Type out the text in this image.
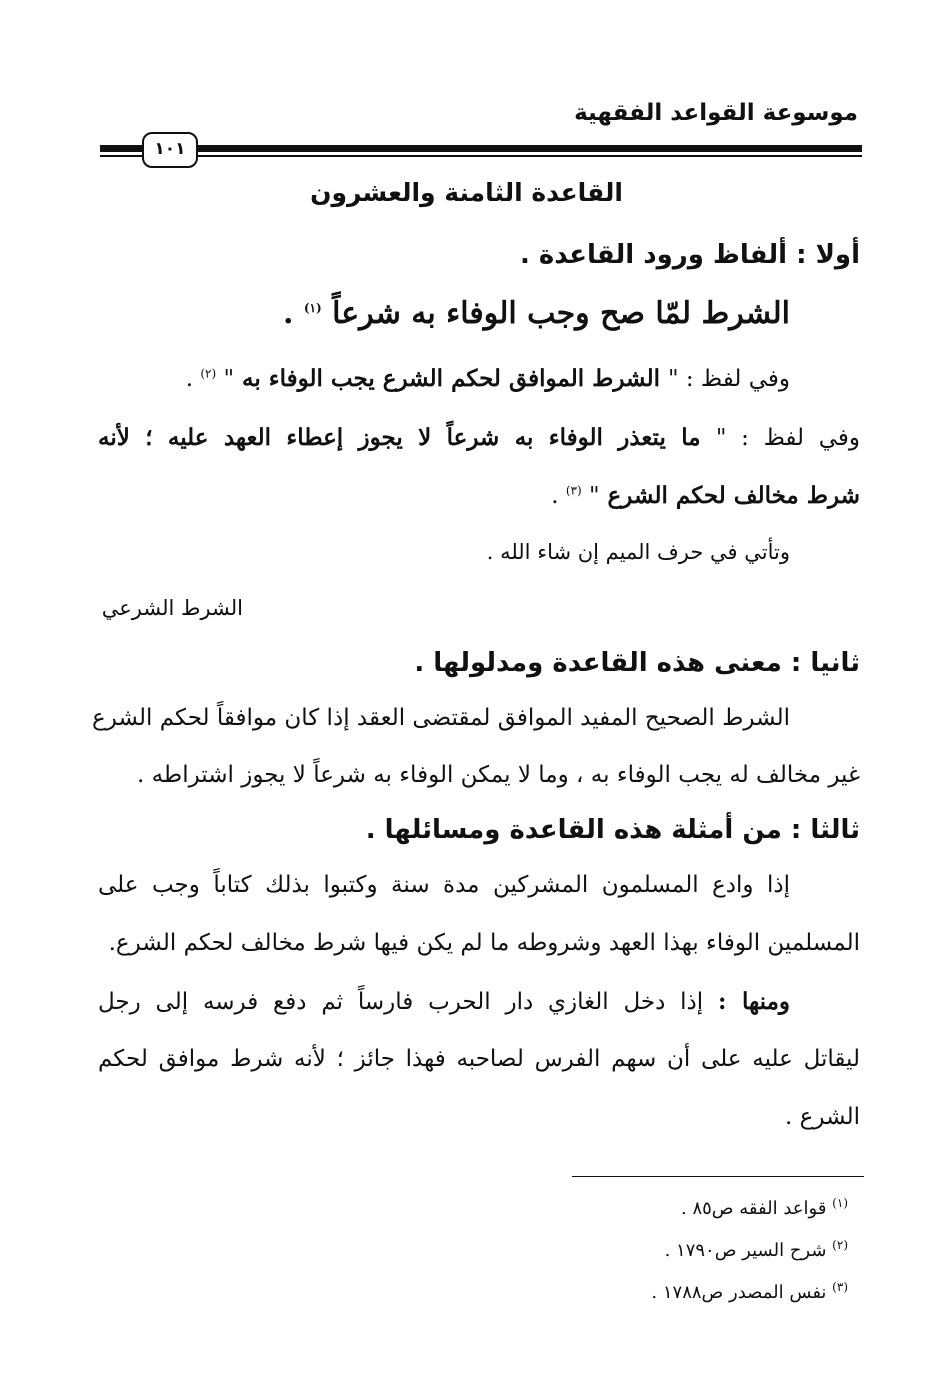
موسوعة القواعد الفقهية
١٠١
القاعدة الثامنة والعشرون
أولا : ألفاظ ورود القاعدة .
الشرط لمّا صح وجب الوفاء به شرعاً $^{(١)}$ .
وفي لفظ : " الشرط الموافق لحكم الشرع يجب الوفاء به " $^{(٢)}$ .
وفي لفظ : " ما يتعذر الوفاء به شرعاً لا يجوز إعطاء العهد عليه ؛ لأنه
شرط مخالف لحكم الشرع " $^{(٣)}$ .
وتأتي في حرف الميم إن شاء الله .
الشرط الشرعي
ثانيا : معنى هذه القاعدة ومدلولها .
الشرط الصحيح المفيد الموافق لمقتضى العقد إذا كان موافقاً لحكم الشرع
غير مخالف له يجب الوفاء به ، وما لا يمكن الوفاء به شرعاً لا يجوز اشتراطه .
ثالثا : من أمثلة هذه القاعدة ومسائلها .
إذا وادع المسلمون المشركين مدة سنة وكتبوا بذلك كتاباً وجب على
المسلمين الوفاء بهذا العهد وشروطه ما لم يكن فيها شرط مخالف لحكم الشرع.
ومنها : إذا دخل الغازي دار الحرب فارساً ثم دفع فرسه إلى رجل
ليقاتل عليه على أن سهم الفرس لصاحبه فهذا جائز ؛ لأنه شرط موافق لحكم
الشرع .
$^{(١)}$ قواعد الفقه ص٨٥ .
$^{(٢)}$ شرح السير ص١٧٩٠ .
$^{(٣)}$ نفس المصدر ص١٧٨٨ .
